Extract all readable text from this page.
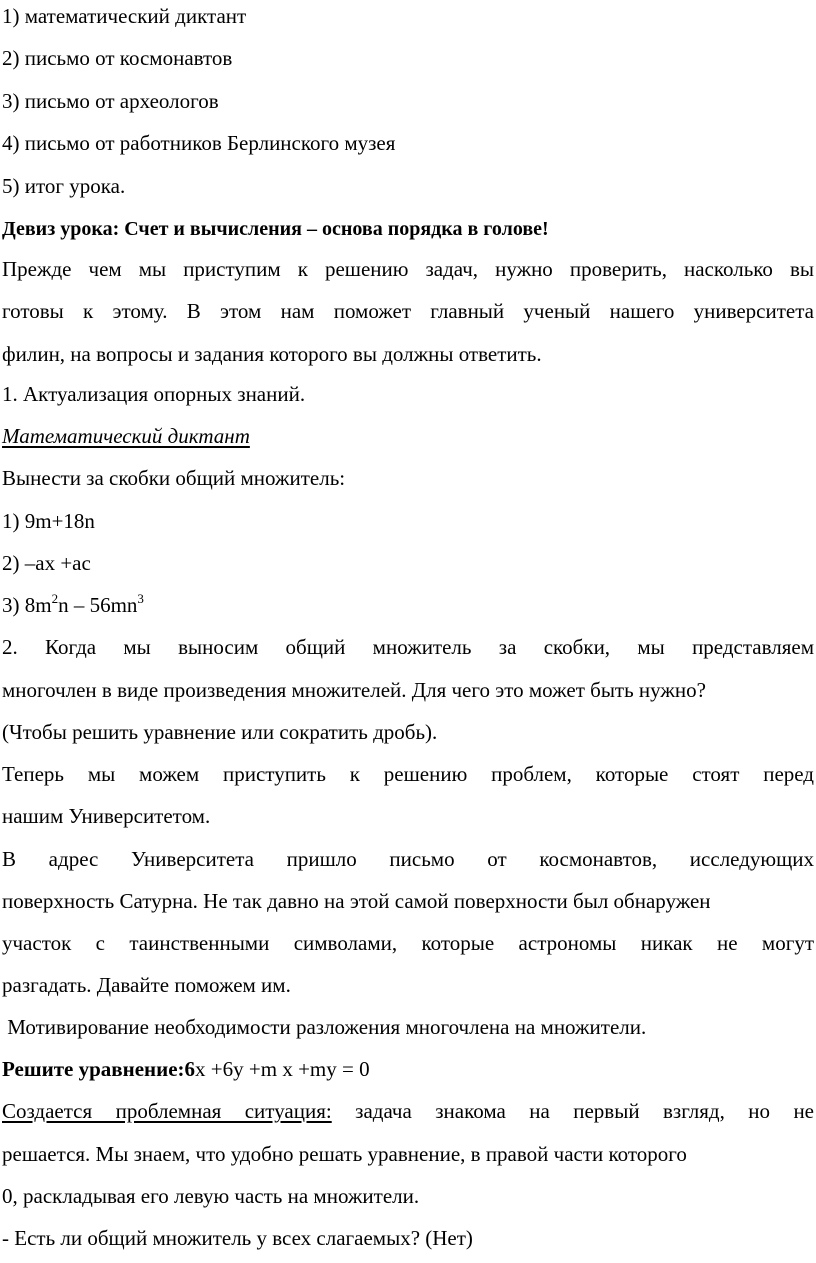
1) математический диктант

2) письмо от космонавтов

3) письмо от археологов

4) письмо от работников Берлинского музея

5) итог урока.

Девиз урока: Счет и вычисления – основа порядка в голове!

Прежде чем мы приступим к решению задач, нужно проверить, насколько вы

готовы к этому. В этом нам поможет главный ученый нашего университета

филин, на вопросы и задания которого вы должны ответить.

1. Актуализация опорных знаний.

Математический диктант

Вынести за скобки общий множитель:

1) 9m+18n

2) –ax +ac

3) $8m^2n - 56mn^3$

2. Когда мы выносим общий множитель за скобки, мы представляем

многочлен в виде произведения множителей. Для чего это может быть нужно?

(Чтобы решить уравнение или сократить дробь).

Теперь мы можем приступить к решению проблем, которые стоят перед

нашим Университетом.

В адрес Университета пришло письмо от космонавтов, исследующих

поверхность Сатурна. Не так давно на этой самой поверхности был обнаружен

участок с таинственными символами, которые астрономы никак не могут

разгадать. Давайте поможем им.

Мотивирование необходимости разложения многочлена на множители.

Решите уравнение:6x +6y +m x +my = 0

Создается проблемная ситуация: задача знакома на первый взгляд, но не

решается. Мы знаем, что удобно решать уравнение, в правой части которого

0, раскладывая его левую часть на множители.

- Есть ли общий множитель у всех слагаемых? (Нет)
